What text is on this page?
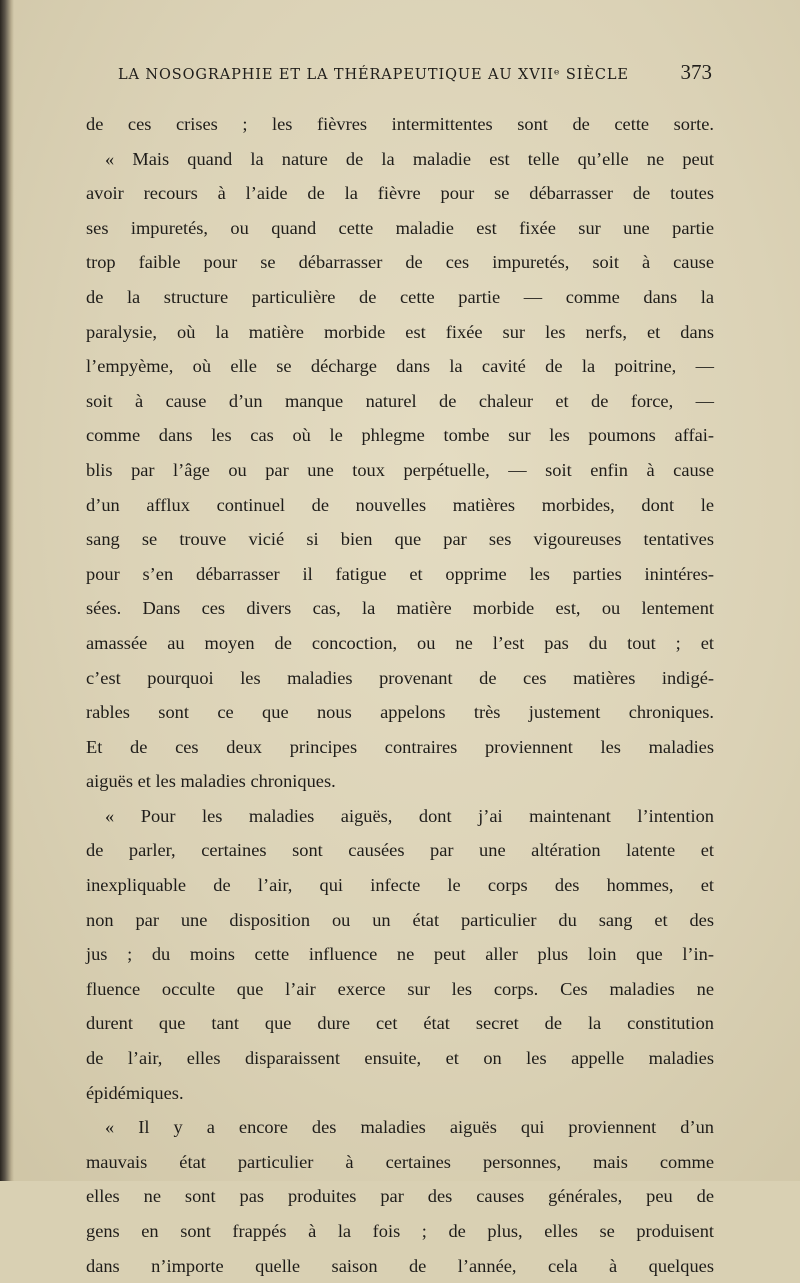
LA NOSOGRAPHIE ET LA THÉRAPEUTIQUE AU XVIIᵉ SIÈCLE 373
de ces crises ; les fièvres intermittentes sont de cette sorte.
« Mais quand la nature de la maladie est telle qu’elle ne peut
avoir recours à l’aide de la fièvre pour se débarrasser de toutes
ses impuretés, ou quand cette maladie est fixée sur une partie
trop faible pour se débarrasser de ces impuretés, soit à cause
de la structure particulière de cette partie — comme dans la
paralysie, où la matière morbide est fixée sur les nerfs, et dans
l’empyème, où elle se décharge dans la cavité de la poitrine, —
soit à cause d’un manque naturel de chaleur et de force, —
comme dans les cas où le phlegme tombe sur les poumons affai-
blis par l’âge ou par une toux perpétuelle, — soit enfin à cause
d’un afflux continuel de nouvelles matières morbides, dont le
sang se trouve vicié si bien que par ses vigoureuses tentatives
pour s’en débarrasser il fatigue et opprime les parties inintéres-
sées. Dans ces divers cas, la matière morbide est, ou lentement
amassée au moyen de concoction, ou ne l’est pas du tout ; et
c’est pourquoi les maladies provenant de ces matières indigé-
rables sont ce que nous appelons très justement chroniques.
Et de ces deux principes contraires proviennent les maladies
aiguës et les maladies chroniques.
« Pour les maladies aiguës, dont j’ai maintenant l’intention
de parler, certaines sont causées par une altération latente et
inexpliquable de l’air, qui infecte le corps des hommes, et
non par une disposition ou un état particulier du sang et des
jus ; du moins cette influence ne peut aller plus loin que l’in-
fluence occulte que l’air exerce sur les corps. Ces maladies ne
durent que tant que dure cet état secret de la constitution
de l’air, elles disparaissent ensuite, et on les appelle maladies
épidémiques.
« Il y a encore des maladies aiguës qui proviennent d’un
mauvais état particulier à certaines personnes, mais comme
elles ne sont pas produites par des causes générales, peu de
gens en sont frappés à la fois ; de plus, elles se produisent
dans n’importe quelle saison de l’année, cela à quelques
